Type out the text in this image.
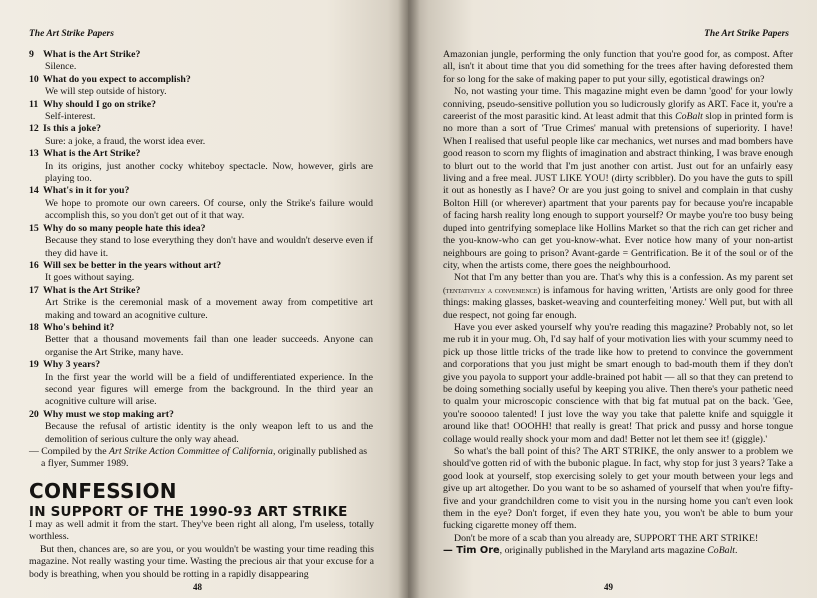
The Art Strike Papers
9 What is the Art Strike?
Silence.
10 What do you expect to accomplish?
We will step outside of history.
11 Why should I go on strike?
Self-interest.
12 Is this a joke?
Sure: a joke, a fraud, the worst idea ever.
13 What is the Art Strike?
In its origins, just another cocky whiteboy spectacle. Now, however, girls are playing too.
14 What's in it for you?
We hope to promote our own careers. Of course, only the Strike's failure would accomplish this, so you don't get out of it that way.
15 Why do so many people hate this idea?
Because they stand to lose everything they don't have and wouldn't deserve even if they did have it.
16 Will sex be better in the years without art?
It goes without saying.
17 What is the Art Strike?
Art Strike is the ceremonial mask of a movement away from competitive art making and toward an acognitive culture.
18 Who's behind it?
Better that a thousand movements fail than one leader succeeds. Anyone can organise the Art Strike, many have.
19 Why 3 years?
In the first year the world will be a field of undifferentiated experience. In the second year figures will emerge from the background. In the third year an acognitive culture will arise.
20 Why must we stop making art?
Because the refusal of artistic identity is the only weapon left to us and the demolition of serious culture the only way ahead.
— Compiled by the Art Strike Action Committee of California, originally published as a flyer, Summer 1989.
CONFESSION
IN SUPPORT OF THE 1990-93 ART STRIKE

I may as well admit it from the start. They've been right all along, I'm useless, totally worthless.

But then, chances are, so are you, or you wouldn't be wasting your time reading this magazine. Not really wasting your time. Wasting the precious air that your excuse for a body is breathing, when you should be rotting in a rapidly disappearing

48
The Art Strike Papers

Amazonian jungle, performing the only function that you're good for, as compost. After all, isn't it about time that you did something for the trees after having deforested them for so long for the sake of making paper to put your silly, egotistical drawings on?

No, not wasting your time. This magazine might even be damn 'good' for your lowly conniving, pseudo-sensitive pollution you so ludicrously glorify as ART. Face it, you're a careerist of the most parasitic kind. At least admit that this CoBalt slop in printed form is no more than a sort of 'True Crimes' manual with pretensions of superiority. I have! When I realised that useful people like car mechanics, wet nurses and mad bombers have good reason to scorn my flights of imagination and abstract thinking, I was brave enough to blurt out to the world that I'm just another con artist. Just out for an unfairly easy living and a free meal. JUST LIKE YOU! (dirty scribbler). Do you have the guts to spill it out as honestly as I have? Or are you just going to snivel and complain in that cushy Bolton Hill (or wherever) apartment that your parents pay for because you're incapable of facing harsh reality long enough to support yourself? Or maybe you're too busy being duped into gentrifying someplace like Hollins Market so that the rich can get richer and the you-know-who can get you-know-what. Ever notice how many of your non-artist neighbours are going to prison? Avant-garde = Gentrification. Be it of the soul or of the city, when the artists come, there goes the neighbourhood.

Not that I'm any better than you are. That's why this is a confession. As my parent set (tentatively a convenience) is infamous for having written, 'Artists are only good for three things: making glasses, basket-weaving and counterfeiting money.' Well put, but with all due respect, not going far enough.

Have you ever asked yourself why you're reading this magazine? Probably not, so let me rub it in your mug. Oh, I'd say half of your motivation lies with your scummy need to pick up those little tricks of the trade like how to pretend to convince the government and corporations that you just might be smart enough to bad-mouth them if they don't give you payola to support your addle-brained pot habit — all so that they can pretend to be doing something socially useful by keeping you alive. Then there's your pathetic need to qualm your microscopic conscience with that big fat mutual pat on the back. 'Gee, you're sooooo talented! I just love the way you take that palette knife and squiggle it around like that! OOOHH! that really is great! That prick and pussy and horse tongue collage would really shock your mom and dad! Better not let them see it! (giggle).'

So what's the ball point of this? The ART STRIKE, the only answer to a problem we should've gotten rid of with the bubonic plague. In fact, why stop for just 3 years? Take a good look at yourself, stop exercising solely to get your mouth between your legs and give up art altogether. Do you want to be so ashamed of yourself that when you're fifty-five and your grandchildren come to visit you in the nursing home you can't even look them in the eye? Don't forget, if even they hate you, you won't be able to bum your fucking cigarette money off them.

Don't be more of a scab than you already are, SUPPORT THE ART STRIKE!

— Tim Ore, originally published in the Maryland arts magazine CoBalt.

49
